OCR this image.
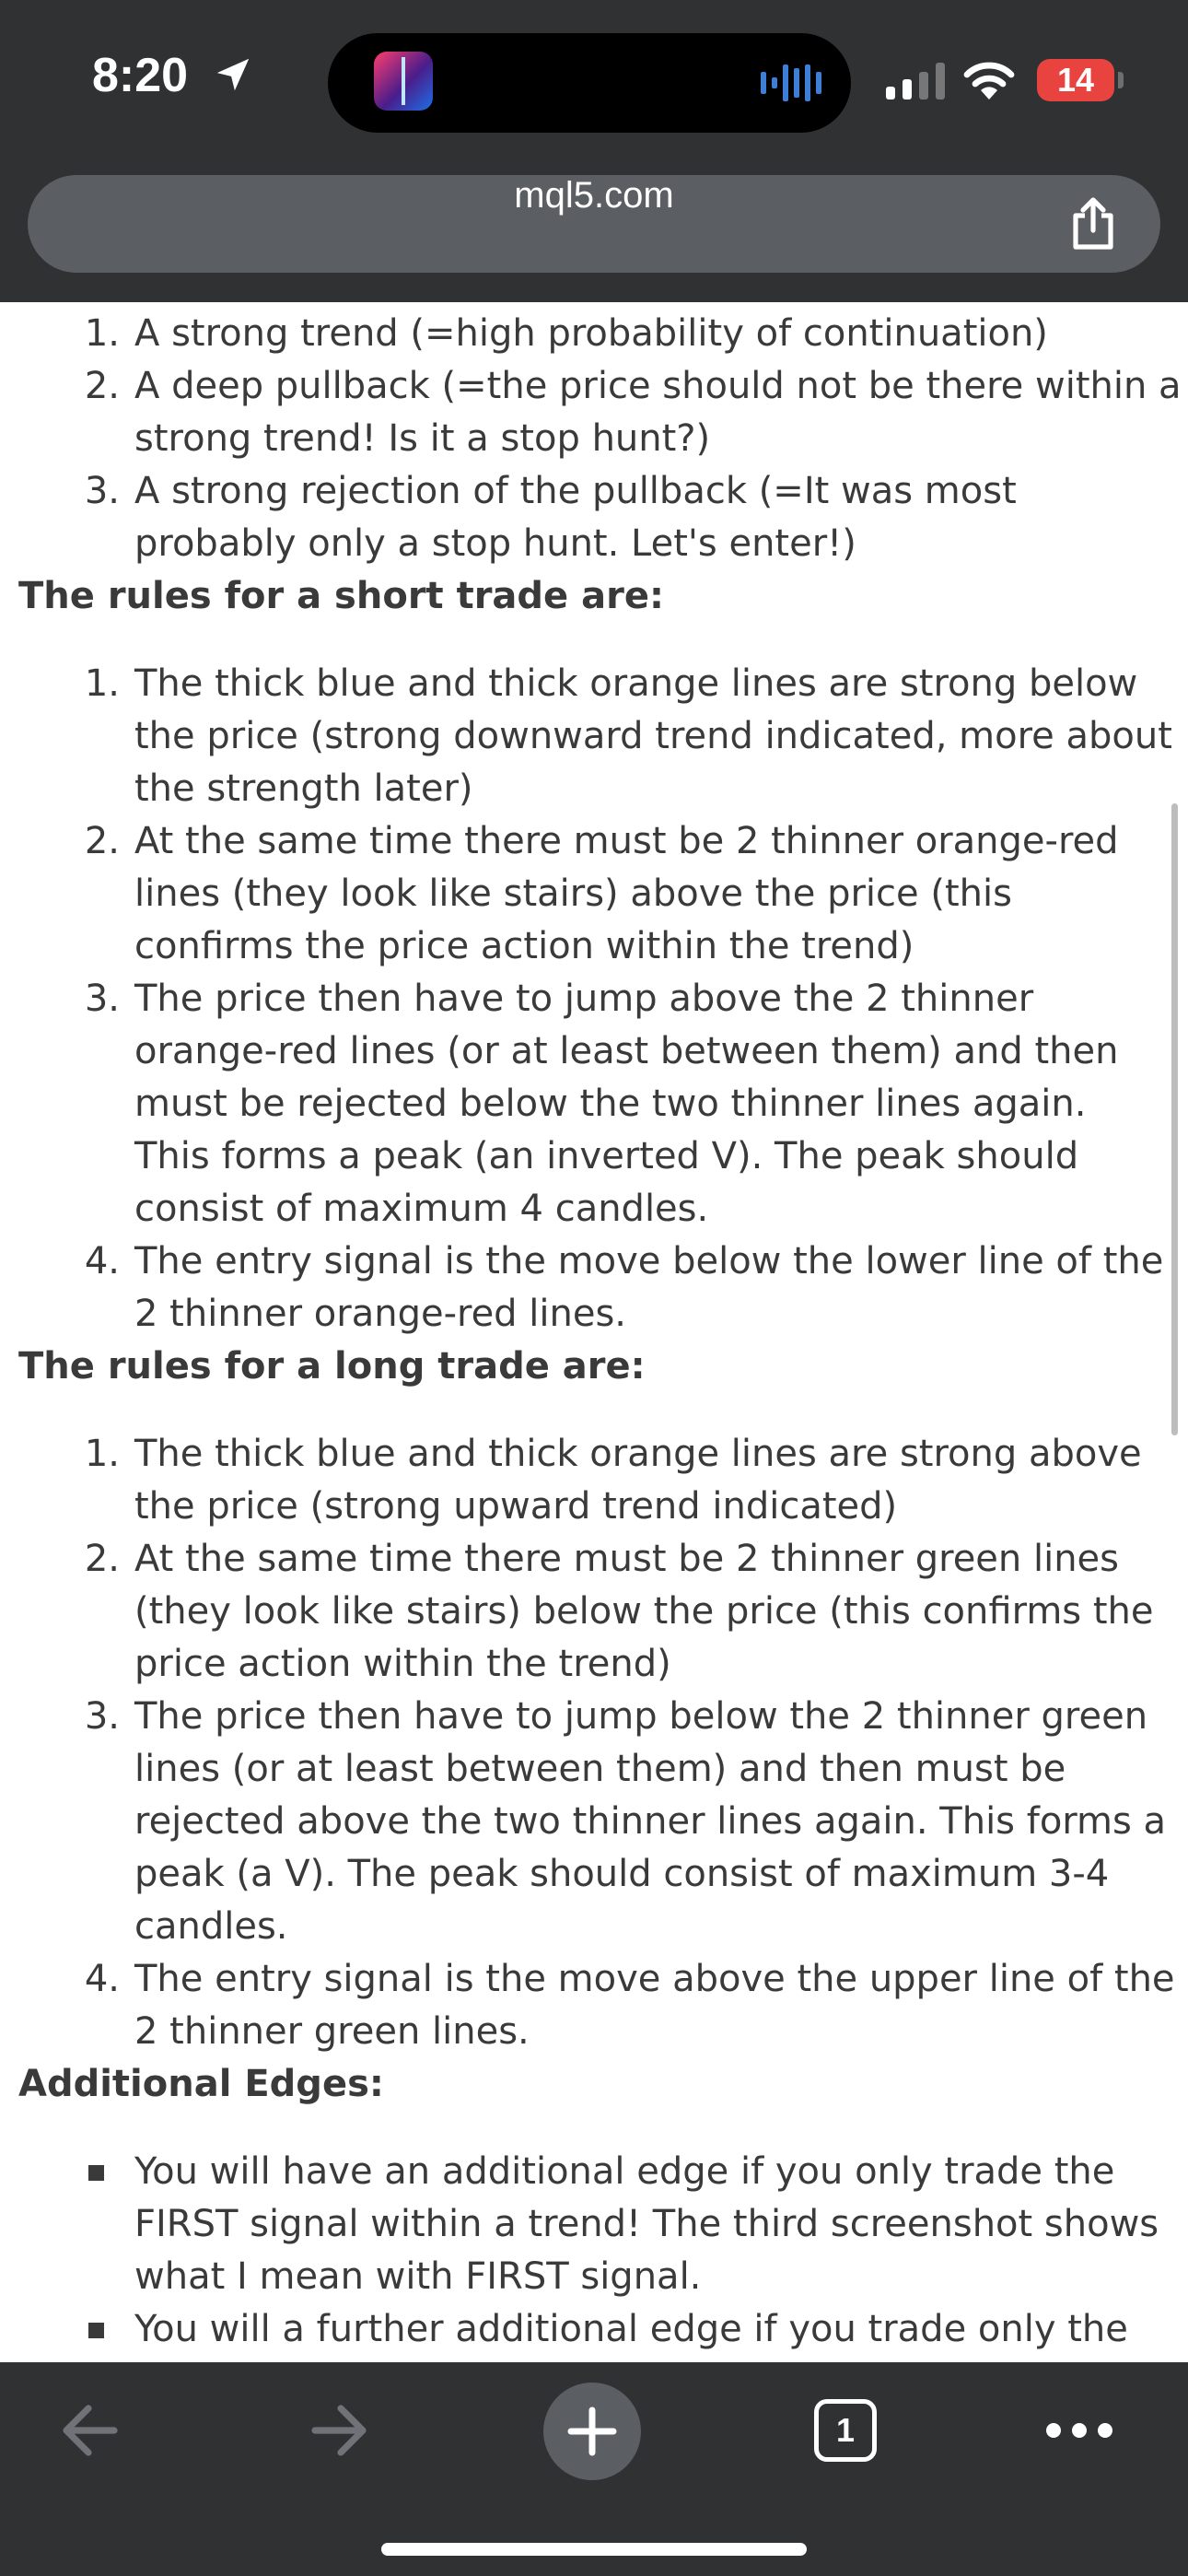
8:20	14
mql5.com
1. A strong trend (=high probability of continuation)
2. A deep pullback (=the price should not be there within a
strong trend! Is it a stop hunt?)
3. A strong rejection of the pullback (=It was most
probably only a stop hunt. Let's enter!)
The rules for a short trade are:
1. The thick blue and thick orange lines are strong below
the price (strong downward trend indicated, more about
the strength later)
2. At the same time there must be 2 thinner orange-red
lines (they look like stairs) above the price (this
confirms the price action within the trend)
3. The price then have to jump above the 2 thinner
orange-red lines (or at least between them) and then
must be rejected below the two thinner lines again.
This forms a peak (an inverted V). The peak should
consist of maximum 4 candles.
4. The entry signal is the move below the lower line of the
2 thinner orange-red lines.
The rules for a long trade are:
1. The thick blue and thick orange lines are strong above
the price (strong upward trend indicated)
2. At the same time there must be 2 thinner green lines
(they look like stairs) below the price (this confirms the
price action within the trend)
3. The price then have to jump below the 2 thinner green
lines (or at least between them) and then must be
rejected above the two thinner lines again. This forms a
peak (a V). The peak should consist of maximum 3-4
candles.
4. The entry signal is the move above the upper line of the
2 thinner green lines.
Additional Edges:
You will have an additional edge if you only trade the
FIRST signal within a trend! The third screenshot shows
what I mean with FIRST signal.
You will a further additional edge if you trade only the
1
